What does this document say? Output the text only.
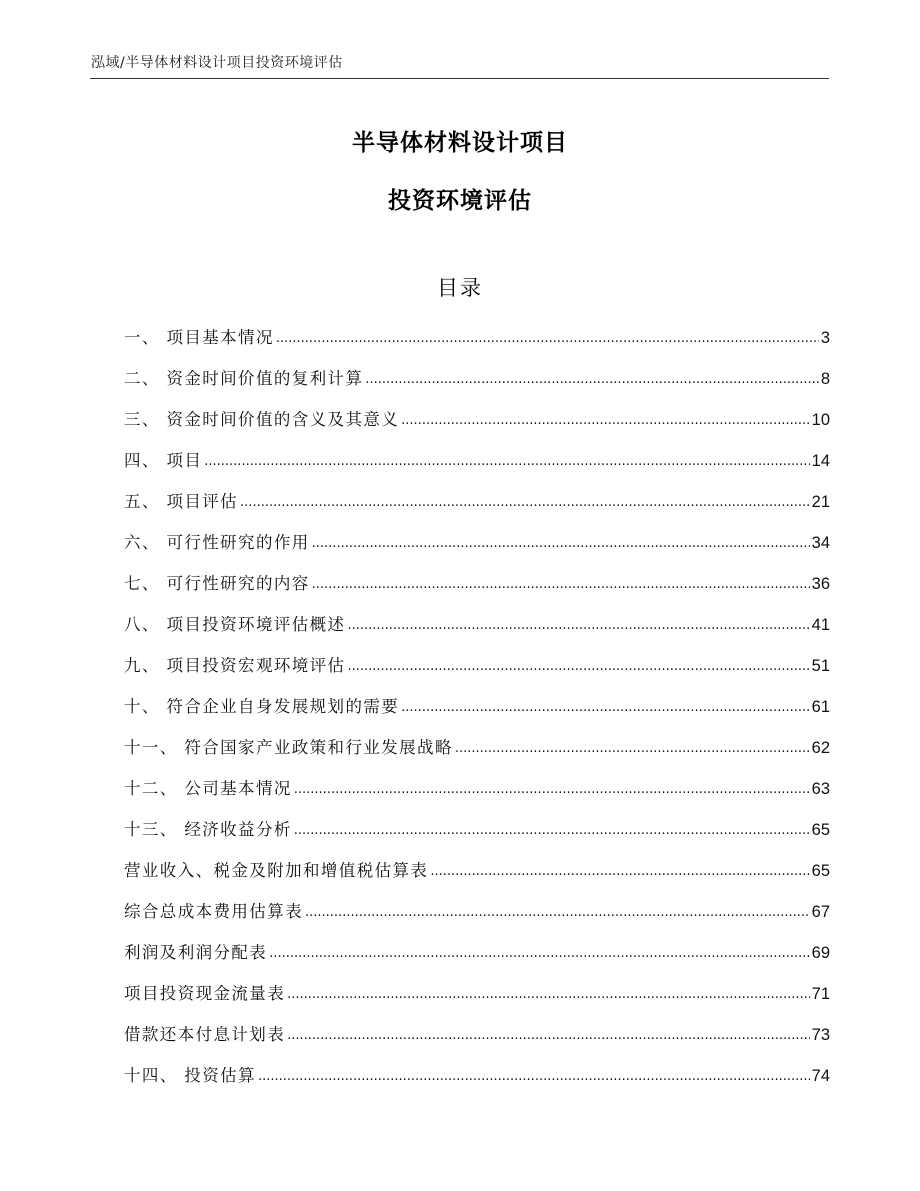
泓域/半导体材料设计项目投资环境评估
半导体材料设计项目
投资环境评估
目录
一、 项目基本情况 .....	3
二、 资金时间价值的复利计算 .....	8
三、 资金时间价值的含义及其意义 .....	10
四、 项目 .....	14
五、 项目评估 .....	21
六、 可行性研究的作用 .....	34
七、 可行性研究的内容 .....	36
八、 项目投资环境评估概述 .....	41
九、 项目投资宏观环境评估 .....	51
十、 符合企业自身发展规划的需要 .....	61
十一、 符合国家产业政策和行业发展战略 .....	62
十二、 公司基本情况 .....	63
十三、 经济收益分析 .....	65
营业收入、税金及附加和增值税估算表 .....	65
综合总成本费用估算表 .....	67
利润及利润分配表 .....	69
项目投资现金流量表 .....	71
借款还本付息计划表 .....	73
十四、 投资估算 .....	74
